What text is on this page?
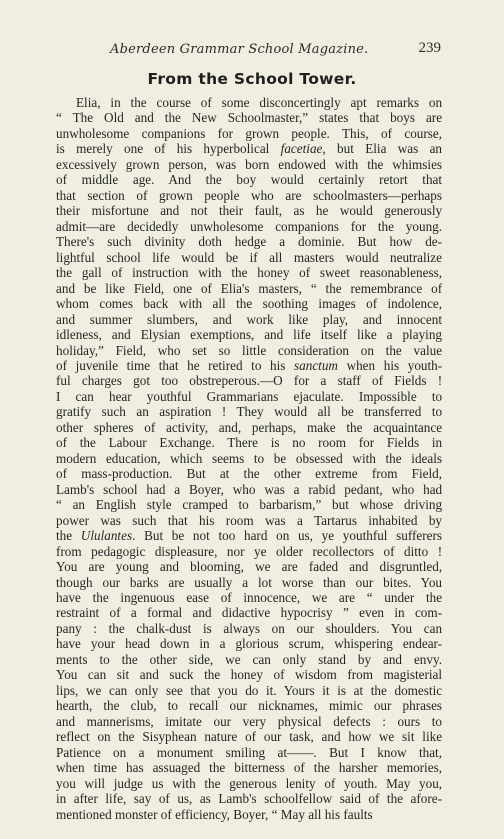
Aberdeen Grammar School Magazine.	239
From the School Tower.
Elia, in the course of some disconcertingly apt remarks on
“ The Old and the New Schoolmaster,” states that boys are
unwholesome companions for grown people. This, of course,
is merely one of his hyperbolical facetiae, but Elia was an
excessively grown person, was born endowed with the whimsies
of middle age. And the boy would certainly retort that
that section of grown people who are schoolmasters—perhaps
their misfortune and not their fault, as he would generously
admit—are decidedly unwholesome companions for the young.
There's such divinity doth hedge a dominie. But how de-
lightful school life would be if all masters would neutralize
the gall of instruction with the honey of sweet reasonableness,
and be like Field, one of Elia's masters, “ the remembrance of
whom comes back with all the soothing images of indolence,
and summer slumbers, and work like play, and innocent
idleness, and Elysian exemptions, and life itself like a playing
holiday,” Field, who set so little consideration on the value
of juvenile time that he retired to his sanctum when his youth-
ful charges got too obstreperous.—O for a staff of Fields !
I can hear youthful Grammarians ejaculate. Impossible to
gratify such an aspiration ! They would all be transferred to
other spheres of activity, and, perhaps, make the acquaintance
of the Labour Exchange. There is no room for Fields in
modern education, which seems to be obsessed with the ideals
of mass-production. But at the other extreme from Field,
Lamb's school had a Boyer, who was a rabid pedant, who had
“ an English style cramped to barbarism,” but whose driving
power was such that his room was a Tartarus inhabited by
the Ululantes. But be not too hard on us, ye youthful sufferers
from pedagogic displeasure, nor ye older recollectors of ditto !
You are young and blooming, we are faded and disgruntled,
though our barks are usually a lot worse than our bites. You
have the ingenuous ease of innocence, we are “ under the
restraint of a formal and didactive hypocrisy ” even in com-
pany : the chalk-dust is always on our shoulders. You can
have your head down in a glorious scrum, whispering endear-
ments to the other side, we can only stand by and envy.
You can sit and suck the honey of wisdom from magisterial
lips, we can only see that you do it. Yours it is at the domestic
hearth, the club, to recall our nicknames, mimic our phrases
and mannerisms, imitate our very physical defects : ours to
reflect on the Sisyphean nature of our task, and how we sit like
Patience on a monument smiling at——. But I know that,
when time has assuaged the bitterness of the harsher memories,
you will judge us with the generous lenity of youth. May you,
in after life, say of us, as Lamb's schoolfellow said of the afore-
mentioned monster of efficiency, Boyer, “ May all his faults
